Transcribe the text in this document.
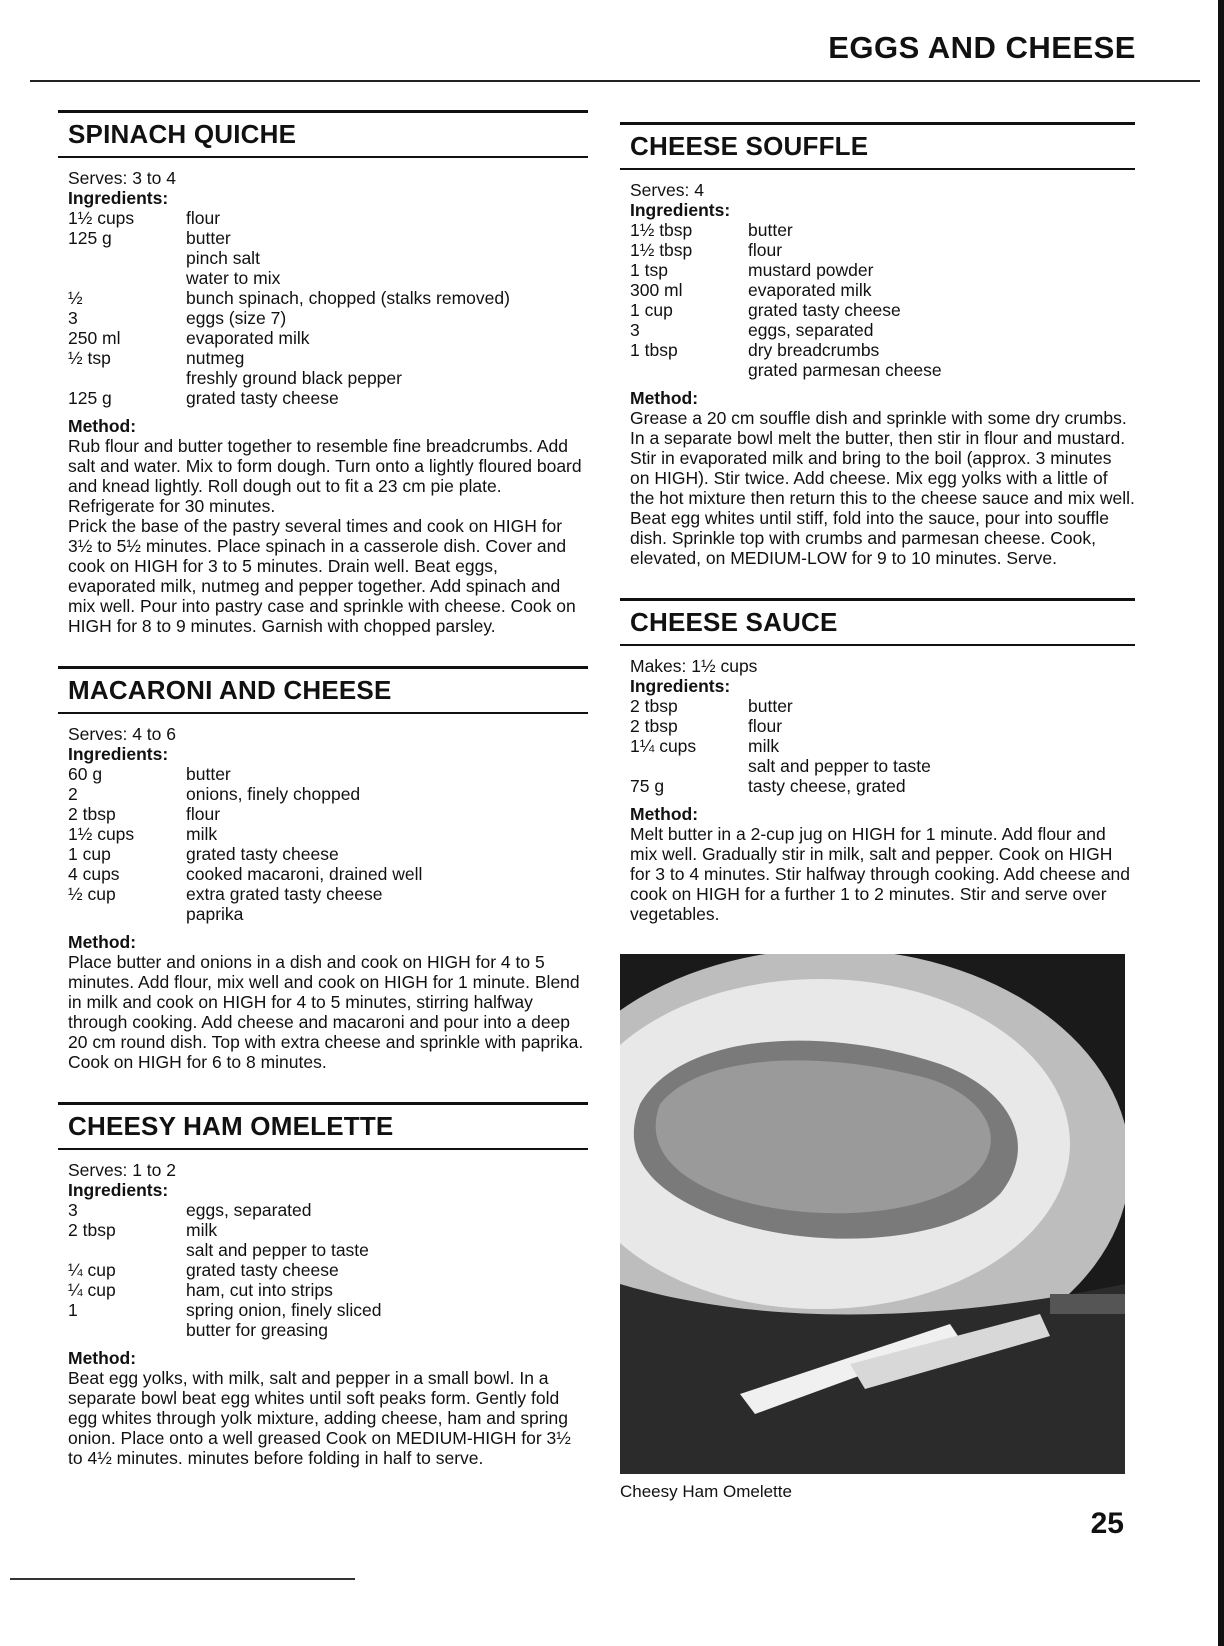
EGGS AND CHEESE
SPINACH QUICHE
Serves: 3 to 4
Ingredients:
1½ cups	flour
125 g	butter
pinch salt
water to mix
½	bunch spinach, chopped (stalks removed)
3	eggs (size 7)
250 ml	evaporated milk
½ tsp	nutmeg
freshly ground black pepper
125 g	grated tasty cheese
Method:

Rub flour and butter together to resemble fine breadcrumbs. Add salt and water. Mix to form dough. Turn onto a lightly floured board and knead lightly. Roll dough out to fit a 23 cm pie plate. Refrigerate for 30 minutes.

Prick the base of the pastry several times and cook on HIGH for 3½ to 5½ minutes. Place spinach in a casserole dish. Cover and cook on HIGH for 3 to 5 minutes. Drain well. Beat eggs, evaporated milk, nutmeg and pepper together. Add spinach and mix well. Pour into pastry case and sprinkle with cheese. Cook on HIGH for 8 to 9 minutes. Garnish with chopped parsley.

MACARONI AND CHEESE
Serves: 4 to 6
Ingredients:
60 g	butter
2	onions, finely chopped
2 tbsp	flour
1½ cups	milk
1 cup	grated tasty cheese
4 cups	cooked macaroni, drained well
½ cup	extra grated tasty cheese
paprika
Method:

Place butter and onions in a dish and cook on HIGH for 4 to 5 minutes. Add flour, mix well and cook on HIGH for 1 minute. Blend in milk and cook on HIGH for 4 to 5 minutes, stirring halfway through cooking. Add cheese and macaroni and pour into a deep 20 cm round dish. Top with extra cheese and sprinkle with paprika. Cook on HIGH for 6 to 8 minutes.

CHEESY HAM OMELETTE
Serves: 1 to 2
Ingredients:
3	eggs, separated
2 tbsp	milk
salt and pepper to taste
¼ cup	grated tasty cheese
¼ cup	ham, cut into strips
1	spring onion, finely sliced
butter for greasing
Method:

Beat egg yolks, with milk, salt and pepper in a small bowl. In a separate bowl beat egg whites until soft peaks form. Gently fold egg whites through yolk mixture, adding cheese, ham and spring onion. Place onto a well greased Cook on MEDIUM-HIGH for 3½ to 4½ minutes. minutes before folding in half to serve.

CHEESE SOUFFLE
Serves: 4
Ingredients:
1½ tbsp	butter
1½ tbsp	flour
1 tsp	mustard powder
300 ml	evaporated milk
1 cup	grated tasty cheese
3	eggs, separated
1 tbsp	dry breadcrumbs
grated parmesan cheese
Method:

Grease a 20 cm souffle dish and sprinkle with some dry crumbs. In a separate bowl melt the butter, then stir in flour and mustard. Stir in evaporated milk and bring to the boil (approx. 3 minutes on HIGH). Stir twice. Add cheese. Mix egg yolks with a little of the hot mixture then return this to the cheese sauce and mix well. Beat egg whites until stiff, fold into the sauce, pour into souffle dish. Sprinkle top with crumbs and parmesan cheese. Cook, elevated, on MEDIUM-LOW for 9 to 10 minutes. Serve.

CHEESE SAUCE
Makes: 1½ cups
Ingredients:
2 tbsp	butter
2 tbsp	flour
1¼ cups	milk
salt and pepper to taste
75 g	tasty cheese, grated
Method:

Melt butter in a 2-cup jug on HIGH for 1 minute. Add flour and mix well. Gradually stir in milk, salt and pepper. Cook on HIGH for 3 to 4 minutes. Stir halfway through cooking. Add cheese and cook on HIGH for a further 1 to 2 minutes. Stir and serve over vegetables.

Cheesy Ham Omelette
25
